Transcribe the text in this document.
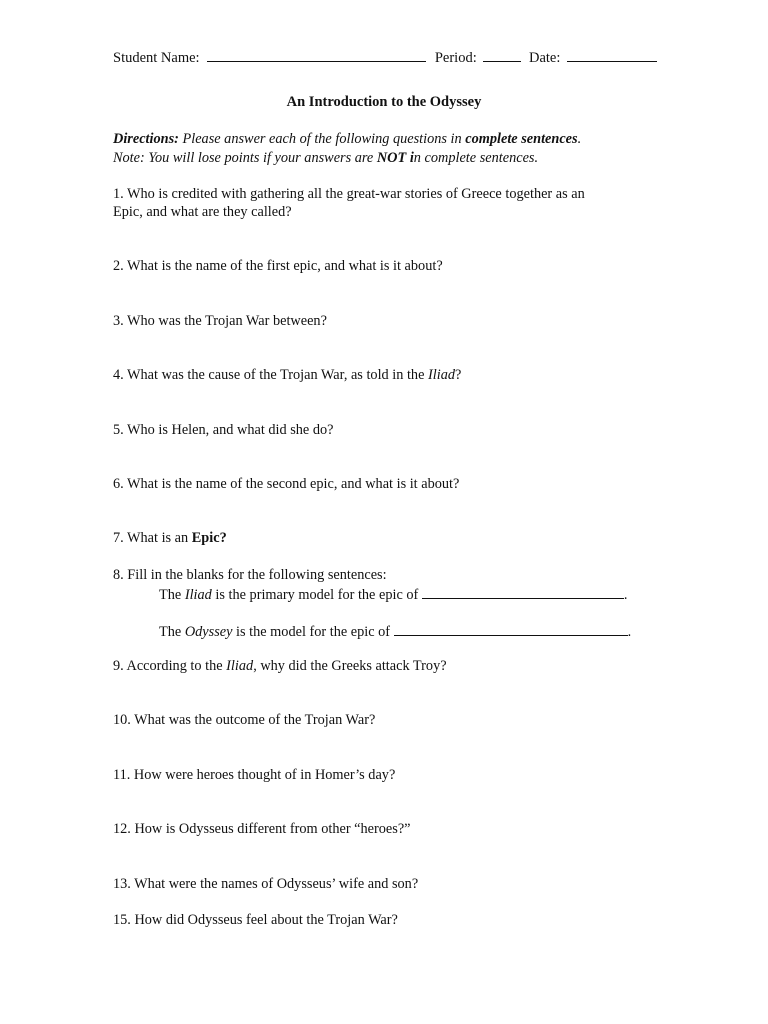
Student Name:	Period:	Date:
An Introduction to the Odyssey
Directions: Please answer each of the following questions in complete sentences.
Note: You will lose points if your answers are NOT in complete sentences.
1. Who is credited with gathering all the great-war stories of Greece together as an
Epic, and what are they called?
2. What is the name of the first epic, and what is it about?
3. Who was the Trojan War between?
4. What was the cause of the Trojan War, as told in the Iliad?
5. Who is Helen, and what did she do?
6. What is the name of the second epic, and what is it about?
7. What is an Epic?
8. Fill in the blanks for the following sentences:
The Iliad is the primary model for the epic of	.
The Odyssey is the model for the epic of	.
9. According to the Iliad, why did the Greeks attack Troy?
10. What was the outcome of the Trojan War?
11. How were heroes thought of in Homer’s day?
12. How is Odysseus different from other “heroes?”
13. What were the names of Odysseus’ wife and son?
15. How did Odysseus feel about the Trojan War?
